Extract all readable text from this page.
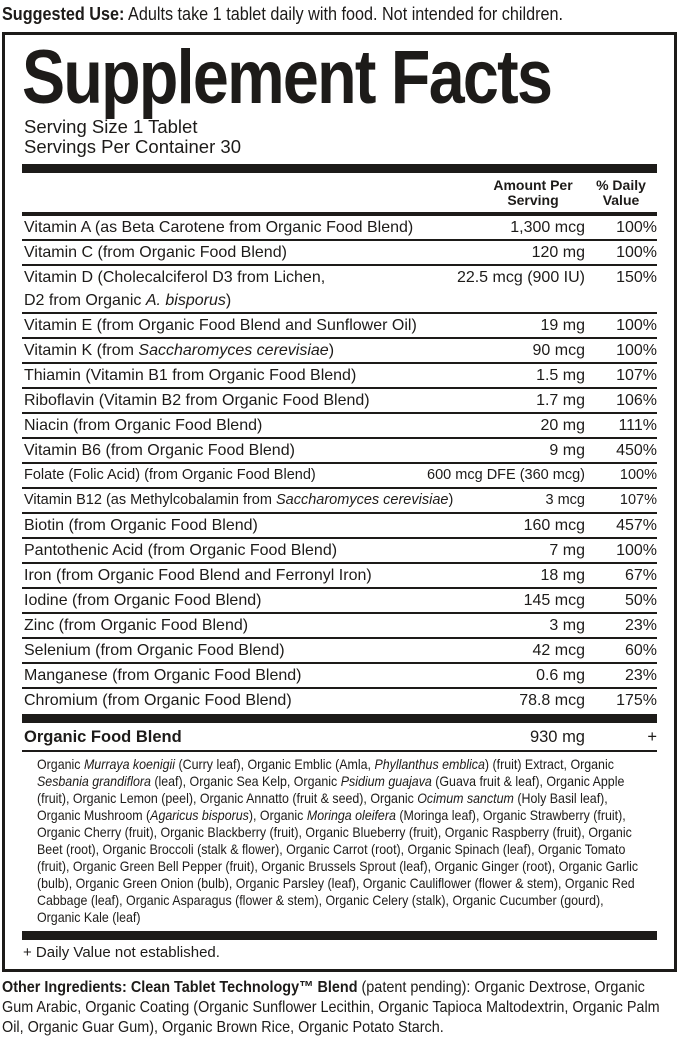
Suggested Use: Adults take 1 tablet daily with food. Not intended for children.

Supplement Facts
Serving Size 1 Tablet
Servings Per Container 30
Amount Per Serving
% Daily Value
Vitamin A (as Beta Carotene from Organic Food Blend)	1,300 mcg	100%
Vitamin C (from Organic Food Blend)	120 mg	100%
Vitamin D (Cholecalciferol D3 from Lichen,
D2 from Organic A. bisporus)
22.5 mcg (900 IU)	150%
Vitamin E (from Organic Food Blend and Sunflower Oil)	19 mg	100%
Vitamin K (from Saccharomyces cerevisiae)	90 mcg	100%
Thiamin (Vitamin B1 from Organic Food Blend)	1.5 mg	107%
Riboflavin (Vitamin B2 from Organic Food Blend)	1.7 mg	106%
Niacin (from Organic Food Blend)	20 mg	111%
Vitamin B6 (from Organic Food Blend)	9 mg	450%
Folate (Folic Acid) (from Organic Food Blend)	600 mcg DFE (360 mcg)	100%
Vitamin B12 (as Methylcobalamin from Saccharomyces cerevisiae)	3 mcg	107%
Biotin (from Organic Food Blend)	160 mcg	457%
Pantothenic Acid (from Organic Food Blend)	7 mg	100%
Iron (from Organic Food Blend and Ferronyl Iron)	18 mg	67%
Iodine (from Organic Food Blend)	145 mcg	50%
Zinc (from Organic Food Blend)	3 mg	23%
Selenium (from Organic Food Blend)	42 mcg	60%
Manganese (from Organic Food Blend)	0.6 mg	23%
Chromium (from Organic Food Blend)	78.8 mcg	175%
Organic Food Blend	930 mg	+

Organic Murraya koenigii (Curry leaf), Organic Emblic (Amla, Phyllanthus emblica) (fruit) Extract, Organic Sesbania grandiflora (leaf), Organic Sea Kelp, Organic Psidium guajava (Guava fruit & leaf), Organic Apple (fruit), Organic Lemon (peel), Organic Annatto (fruit & seed), Organic Ocimum sanctum (Holy Basil leaf), Organic Mushroom (Agaricus bisporus), Organic Moringa oleifera (Moringa leaf), Organic Strawberry (fruit), Organic Cherry (fruit), Organic Blackberry (fruit), Organic Blueberry (fruit), Organic Raspberry (fruit), Organic Beet (root), Organic Broccoli (stalk & flower), Organic Carrot (root), Organic Spinach (leaf), Organic Tomato (fruit), Organic Green Bell Pepper (fruit), Organic Brussels Sprout (leaf), Organic Ginger (root), Organic Garlic (bulb), Organic Green Onion (bulb), Organic Parsley (leaf), Organic Cauliflower (flower & stem), Organic Red Cabbage (leaf), Organic Asparagus (flower & stem), Organic Celery (stalk), Organic Cucumber (gourd), Organic Kale (leaf)

+ Daily Value not established.

Other Ingredients: Clean Tablet Technology™ Blend (patent pending): Organic Dextrose, Organic Gum Arabic, Organic Coating (Organic Sunflower Lecithin, Organic Tapioca Maltodextrin, Organic Palm Oil, Organic Guar Gum), Organic Brown Rice, Organic Potato Starch.
